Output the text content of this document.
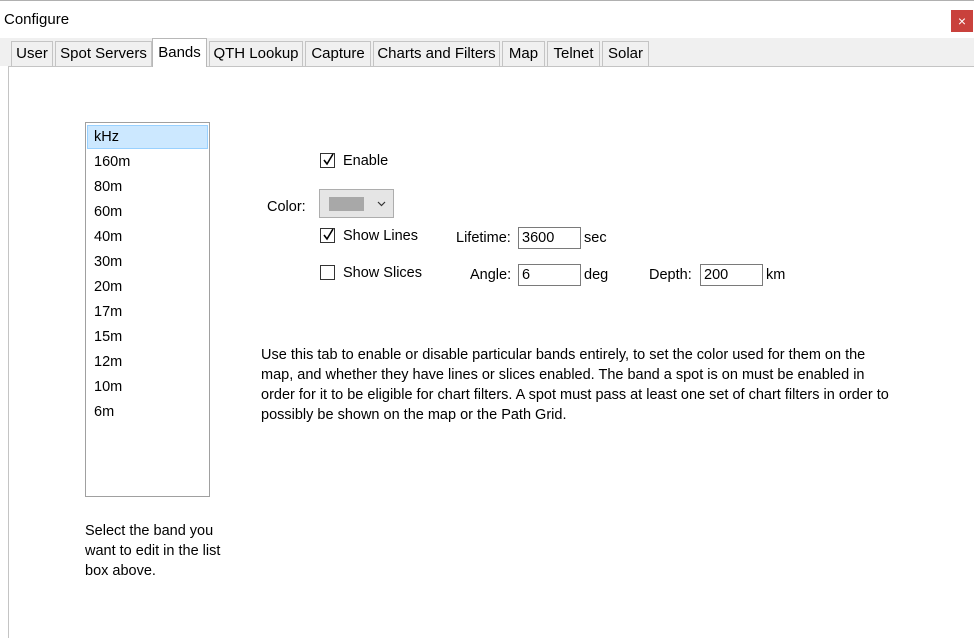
Configure	×
User Spot Servers Bands QTH Lookup Capture Charts and Filters Map	Telnet Solar
kHz
160m
80m
60m
40m
30m
20m
17m
15m
12m
10m
6m
Select the band you want to edit in the list box above.
Enable
Color:
Show Lines	Lifetime:
3600	sec
Show Slices	Angle:
6	deg	Depth:
200	km
Use this tab to enable or disable particular bands entirely, to set the color used for them on the map, and whether they have lines or slices enabled. The band a spot is on must be enabled in order for it to be eligible for chart filters. A spot must pass at least one set of chart filters in order to possibly be shown on the map or the Path Grid.
